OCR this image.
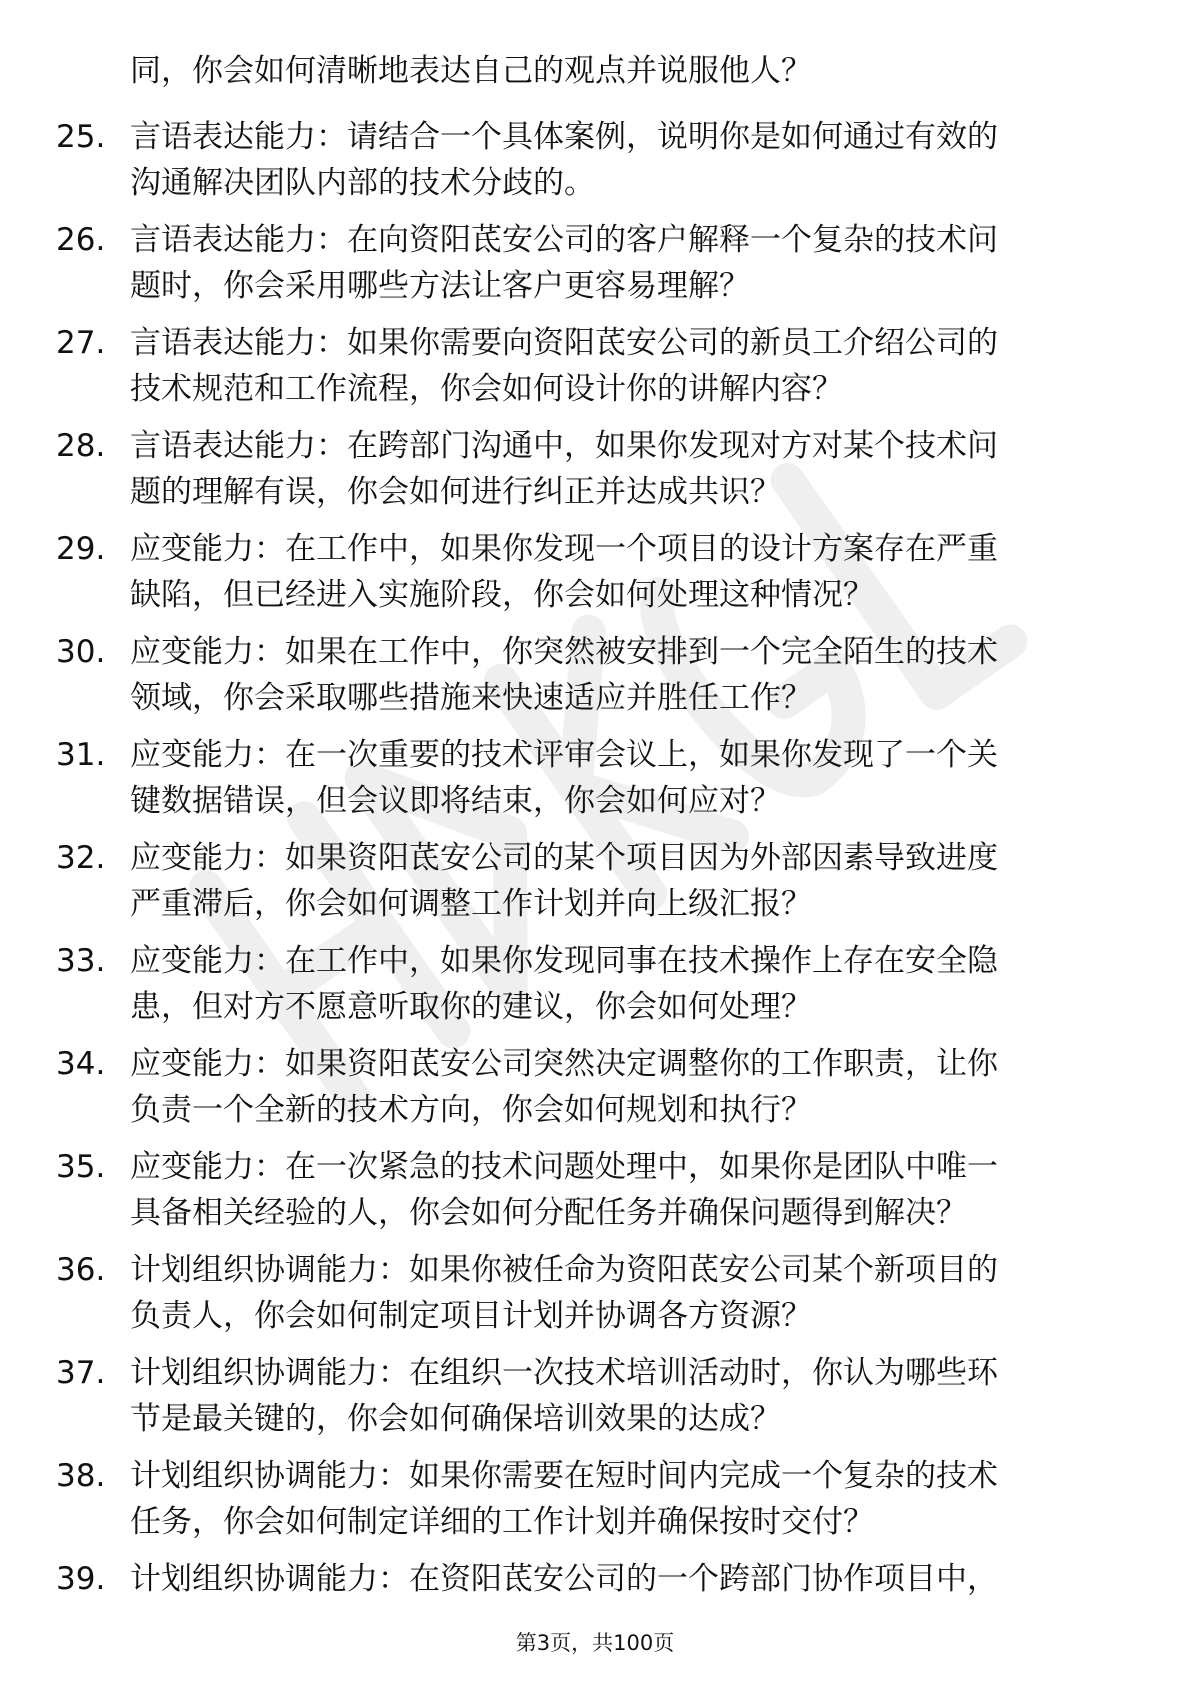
同，你会如何清晰地表达自己的观点并说服他人？
25. 言语表达能力：请结合一个具体案例，说明你是如何通过有效的
沟通解决团队内部的技术分歧的。
26. 言语表达能力：在向资阳茋安公司的客户解释一个复杂的技术问
题时，你会采用哪些方法让客户更容易理解？
27. 言语表达能力：如果你需要向资阳茋安公司的新员工介绍公司的
技术规范和工作流程，你会如何设计你的讲解内容？
28. 言语表达能力：在跨部门沟通中，如果你发现对方对某个技术问
题的理解有误，你会如何进行纠正并达成共识？
29. 应变能力：在工作中，如果你发现一个项目的设计方案存在严重
缺陷，但已经进入实施阶段，你会如何处理这种情况？
30. 应变能力：如果在工作中，你突然被安排到一个完全陌生的技术
领域，你会采取哪些措施来快速适应并胜任工作？
31. 应变能力：在一次重要的技术评审会议上，如果你发现了一个关
键数据错误，但会议即将结束，你会如何应对？
32. 应变能力：如果资阳茋安公司的某个项目因为外部因素导致进度
严重滞后，你会如何调整工作计划并向上级汇报？
33. 应变能力：在工作中，如果你发现同事在技术操作上存在安全隐
患，但对方不愿意听取你的建议，你会如何处理？
34. 应变能力：如果资阳茋安公司突然决定调整你的工作职责，让你
负责一个全新的技术方向，你会如何规划和执行？
35. 应变能力：在一次紧急的技术问题处理中，如果你是团队中唯一
具备相关经验的人，你会如何分配任务并确保问题得到解决？
36. 计划组织协调能力：如果你被任命为资阳茋安公司某个新项目的
负责人，你会如何制定项目计划并协调各方资源？
37. 计划组织协调能力：在组织一次技术培训活动时，你认为哪些环
节是最关键的，你会如何确保培训效果的达成？
38. 计划组织协调能力：如果你需要在短时间内完成一个复杂的技术
任务，你会如何制定详细的工作计划并确保按时交付？
39. 计划组织协调能力：在资阳茋安公司的一个跨部门协作项目中，
第3页，共100页
